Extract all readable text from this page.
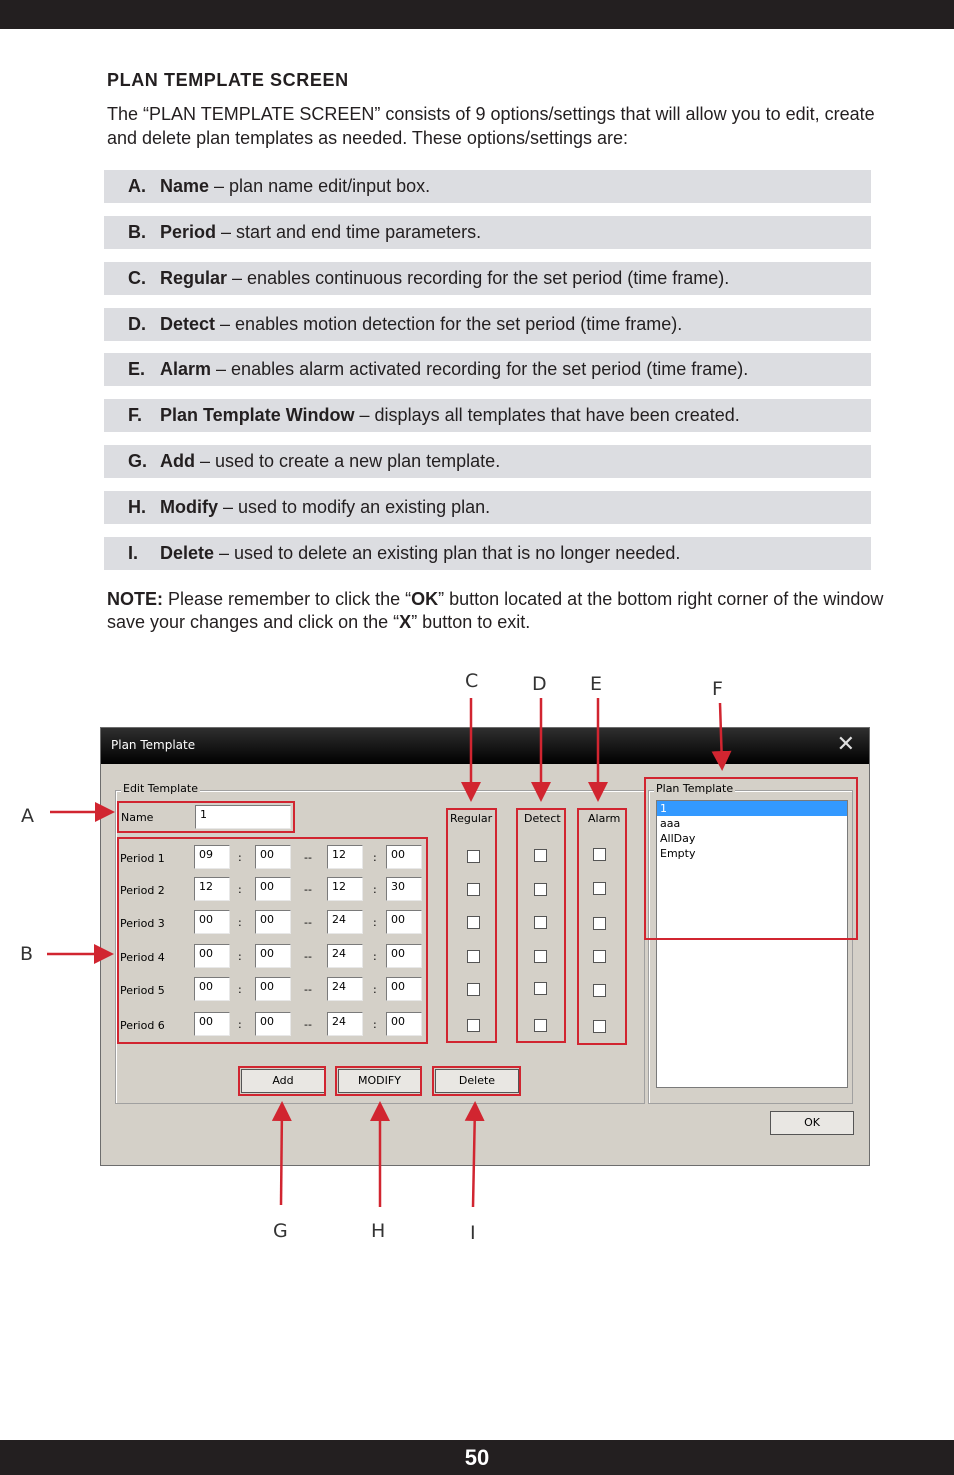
PLAN TEMPLATE SCREEN

The “PLAN TEMPLATE SCREEN” consists of 9 options/settings that will allow you to edit, create and delete plan templates as needed. These options/settings are:

A. Name – plan name edit/input box.
B. Period – start and end time parameters.
C. Regular – enables continuous recording for the set period (time frame).
D. Detect – enables motion detection for the set period (time frame).
E. Alarm – enables alarm activated recording for the set period (time frame).
F. Plan Template Window – displays all templates that have been created.
G. Add – used to create a new plan template.
H. Modify – used to modify an existing plan.
I. Delete – used to delete an existing plan that is no longer needed.

NOTE: Please remember to click the “OK” button located at the bottom right corner of the window save your changes and click on the “X” button to exit.

Plan Template	✕
Edit Template
Name	1
Period 1	09	:	00	--	12	:	00
Period 2	12	:	00	--	12	:	30
Period 3	00	:	00	--	24	:	00
Period 4	00	:	00	--	24	:	00
Period 5	00	:	00	--	24	:	00
Period 6	00	:	00	--	24	:	00
Regular	Detect Alarm
Add	MODIFY	Delete
Plan Template
1
aaa
AllDay
Empty
OK
A
B
C	D E	F
G	H	I
50
